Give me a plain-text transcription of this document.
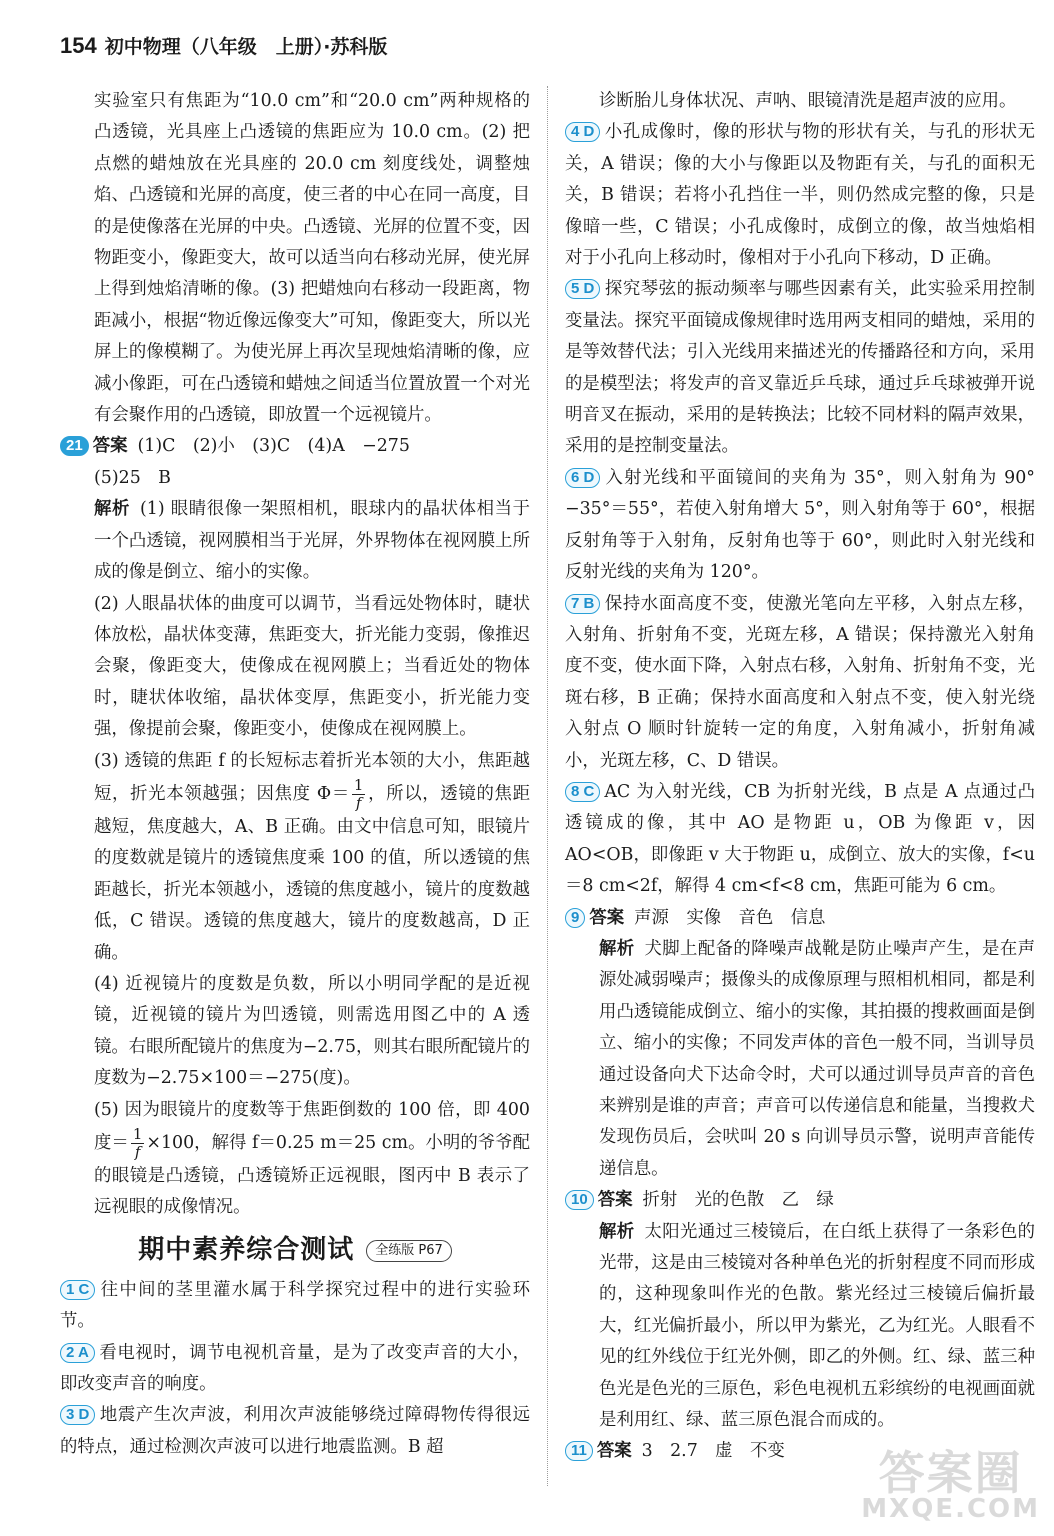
154 初中物理（八年级　上册）·苏科版

实验室只有焦距为“10.0 cm”和“20.0 cm”两种规格的凸透镜，光具座上凸透镜的焦距应为 10.0 cm。(2) 把点燃的蜡烛放在光具座的 20.0 cm 刻度线处，调整烛焰、凸透镜和光屏的高度，使三者的中心在同一高度，目的是使像落在光屏的中央。凸透镜、光屏的位置不变，因物距变小，像距变大，故可以适当向右移动光屏，使光屏上得到烛焰清晰的像。(3) 把蜡烛向右移动一段距离，物距减小，根据“物近像远像变大”可知，像距变大，所以光屏上的像模糊了。为使光屏上再次呈现烛焰清晰的像，应减小像距，可在凸透镜和蜡烛之间适当位置放置一个对光有会聚作用的凸透镜，即放置一个远视镜片。

21 答案 (1)C　(2)小　(3)C　(4)A　−275

(5)25　B

解析 (1) 眼睛很像一架照相机，眼球内的晶状体相当于一个凸透镜，视网膜相当于光屏，外界物体在视网膜上所成的像是倒立、缩小的实像。

(2) 人眼晶状体的曲度可以调节，当看远处物体时，睫状体放松，晶状体变薄，焦距变大，折光能力变弱，像推迟会聚，像距变大，使像成在视网膜上；当看近处的物体时，睫状体收缩，晶状体变厚，焦距变小，折光能力变强，像提前会聚，像距变小，使像成在视网膜上。

(3) 透镜的焦距 f 的长短标志着折光本领的大小，焦距越短，折光本领越强；因焦度 $\Phi= \frac{1}{f}$ ，所以，透镜的焦距越短，焦度越大，A、B 正确。由文中信息可知，眼镜片的度数就是镜片的透镜焦度乘 100 的值，所以透镜的焦距越长，折光本领越小，透镜的焦度越小，镜片的度数越低，C 错误。透镜的焦度越大，镜片的度数越高，D 正确。

(4) 近视镜片的度数是负数，所以小明同学配的是近视镜，近视镜的镜片为凹透镜，则需选用图乙中的 A 透镜。右眼所配镜片的焦度为−2.75，则其右眼所配镜片的度数为−2.75×100＝−275(度)。

(5) 因为眼镜片的度数等于焦距倒数的 100 倍，即 400 度＝ $\frac{1}{f} \times 100$，解得 f＝0.25 m＝25 cm。小明的爷爷配的眼镜是凸透镜，凸透镜矫正远视眼，图丙中 B 表示了远视眼的成像情况。

期中素养综合测试 全练版 P67

1 C 往中间的茎里灌水属于科学探究过程中的进行实验环节。

2 A 看电视时，调节电视机音量，是为了改变声音的大小，即改变声音的响度。

3 D 地震产生次声波，利用次声波能够绕过障碍物传得很远的特点，通过检测次声波可以进行地震监测。B 超

诊断胎儿身体状况、声呐、眼镜清洗是超声波的应用。

4 D 小孔成像时，像的形状与物的形状有关，与孔的形状无关，A 错误；像的大小与像距以及物距有关，与孔的面积无关，B 错误；若将小孔挡住一半，则仍然成完整的像，只是像暗一些，C 错误；小孔成像时，成倒立的像，故当烛焰相对于小孔向上移动时，像相对于小孔向下移动，D 正确。

5 D 探究琴弦的振动频率与哪些因素有关，此实验采用控制变量法。探究平面镜成像规律时选用两支相同的蜡烛，采用的是等效替代法；引入光线用来描述光的传播路径和方向，采用的是模型法；将发声的音叉靠近乒乓球，通过乒乓球被弹开说明音叉在振动，采用的是转换法；比较不同材料的隔声效果，采用的是控制变量法。

6 D 入射光线和平面镜间的夹角为 35°，则入射角为 90°−35°＝55°，若使入射角增大 5°，则入射角等于 60°，根据反射角等于入射角，反射角也等于 60°，则此时入射光线和反射光线的夹角为 120°。

7 B 保持水面高度不变，使激光笔向左平移，入射点左移，入射角、折射角不变，光斑左移，A 错误；保持激光入射角度不变，使水面下降，入射点右移，入射角、折射角不变，光斑右移，B 正确；保持水面高度和入射点不变，使入射光绕入射点 O 顺时针旋转一定的角度，入射角减小，折射角减小，光斑左移，C、D 错误。

8 C AC 为入射光线，CB 为折射光线，B 点是 A 点通过凸透镜成的像，其中 AO 是物距 u，OB 为像距 v，因 AO<OB，即像距 v 大于物距 u，成倒立、放大的实像，f<u＝8 cm<2f，解得 4 cm<f<8 cm，焦距可能为 6 cm。

9 答案 声源　实像　音色　信息

解析 犬脚上配备的降噪声战靴是防止噪声产生，是在声源处减弱噪声；摄像头的成像原理与照相机相同，都是利用凸透镜能成倒立、缩小的实像，其拍摄的搜救画面是倒立、缩小的实像；不同发声体的音色一般不同，当训导员通过设备向犬下达命令时，犬可以通过训导员声音的音色来辨别是谁的声音；声音可以传递信息和能量，当搜救犬发现伤员后，会吠叫 20 s 向训导员示警，说明声音能传递信息。

10 答案 折射　光的色散　乙　绿

解析 太阳光通过三棱镜后，在白纸上获得了一条彩色的光带，这是由三棱镜对各种单色光的折射程度不同而形成的，这种现象叫作光的色散。紫光经过三棱镜后偏折最大，红光偏折最小，所以甲为紫光，乙为红光。人眼看不见的红外线位于红光外侧，即乙的外侧。红、绿、蓝三种色光是色光的三原色，彩色电视机五彩缤纷的电视画面就是利用红、绿、蓝三原色混合而成的。

11 答案 3　2.7　虚　不变	答案圈
MXQE.COM
